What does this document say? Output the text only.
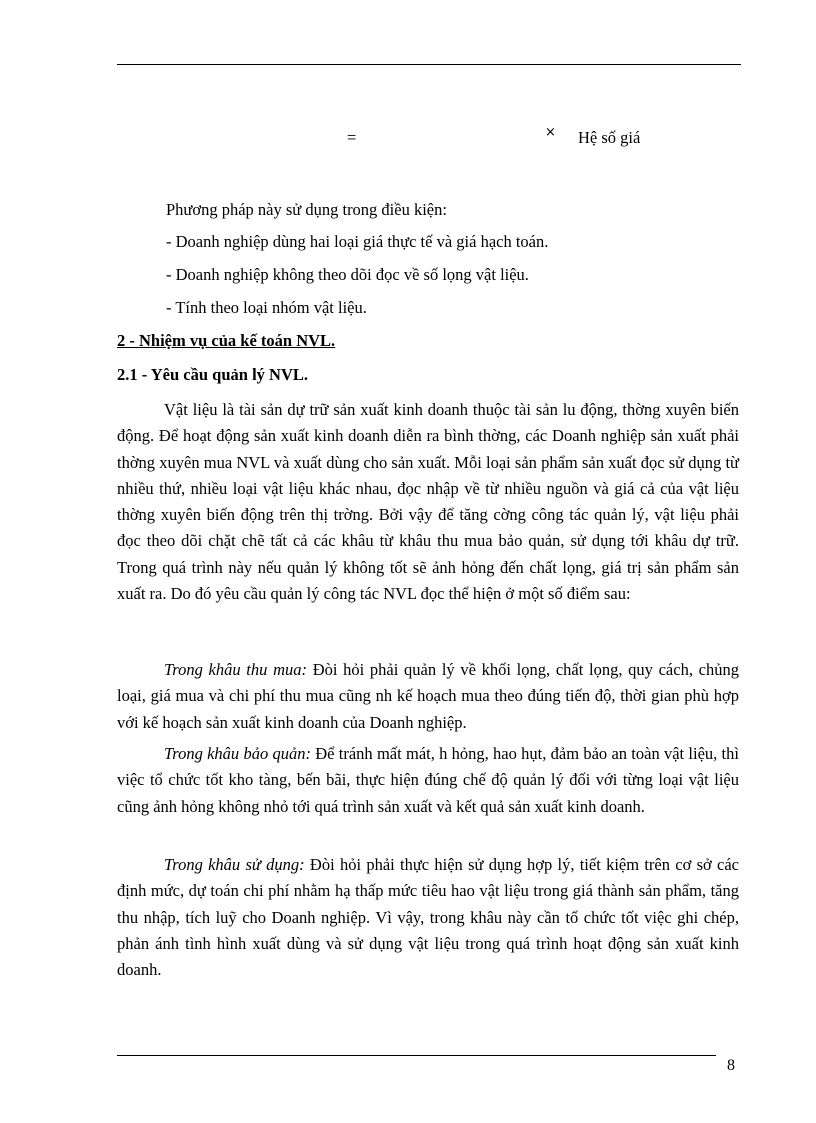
=	× Hệ số giá
Phương pháp này sử dụng trong điều kiện:
- Doanh nghiệp dùng hai loại giá thực tế và giá hạch toán.
- Doanh nghiệp không theo dõi đọc về số lọng vật liệu.
- Tính theo loại nhóm vật liệu.
2 - Nhiệm vụ của kế toán NVL.
2.1 - Yêu cầu quản lý NVL.
Vật liệu là tài sản dự trữ sản xuất kinh doanh thuộc tài sản lu động, thờng xuyên biến động. Để hoạt động sản xuất kinh doanh diễn ra bình thờng, các Doanh nghiệp sản xuất phải thờng xuyên mua NVL và xuất dùng cho sản xuất. Mỗi loại sản phẩm sản xuất đọc sử dụng từ nhiều thứ, nhiều loại vật liệu khác nhau, đọc nhập về từ nhiều nguồn và giá cả của vật liệu thờng xuyên biến động trên thị trờng. Bởi vậy để tăng cờng công tác quản lý, vật liệu phải đọc theo dõi chặt chẽ tất cả các khâu từ khâu thu mua bảo quản, sử dụng tới khâu dự trữ. Trong quá trình này nếu quản lý không tốt sẽ ảnh hỏng đến chất lọng, giá trị sản phẩm sản xuất ra. Do đó yêu cầu quản lý công tác NVL đọc thể hiện ở một số điểm sau:
Trong khâu thu mua: Đòi hỏi phải quản lý về khối lọng, chất lọng, quy cách, chủng loại, giá mua và chi phí thu mua cũng nh kế hoạch mua theo đúng tiến độ, thời gian phù hợp với kế hoạch sản xuất kinh doanh của Doanh nghiệp.
Trong khâu bảo quản: Để tránh mất mát, h hỏng, hao hụt, đảm bảo an toàn vật liệu, thì việc tổ chức tốt kho tàng, bến bãi, thực hiện đúng chế độ quản lý đối với từng loại vật liệu cũng ảnh hỏng không nhỏ tới quá trình sản xuất và kết quả sản xuất kinh doanh.
Trong khâu sử dụng: Đòi hỏi phải thực hiện sử dụng hợp lý, tiết kiệm trên cơ sở các định mức, dự toán chi phí nhằm hạ thấp mức tiêu hao vật liệu trong giá thành sản phẩm, tăng thu nhập, tích luỹ cho Doanh nghiệp. Vì vậy, trong khâu này cần tổ chức tốt việc ghi chép, phản ánh tình hình xuất dùng và sử dụng vật liệu trong quá trình hoạt động sản xuất kinh doanh.
8
